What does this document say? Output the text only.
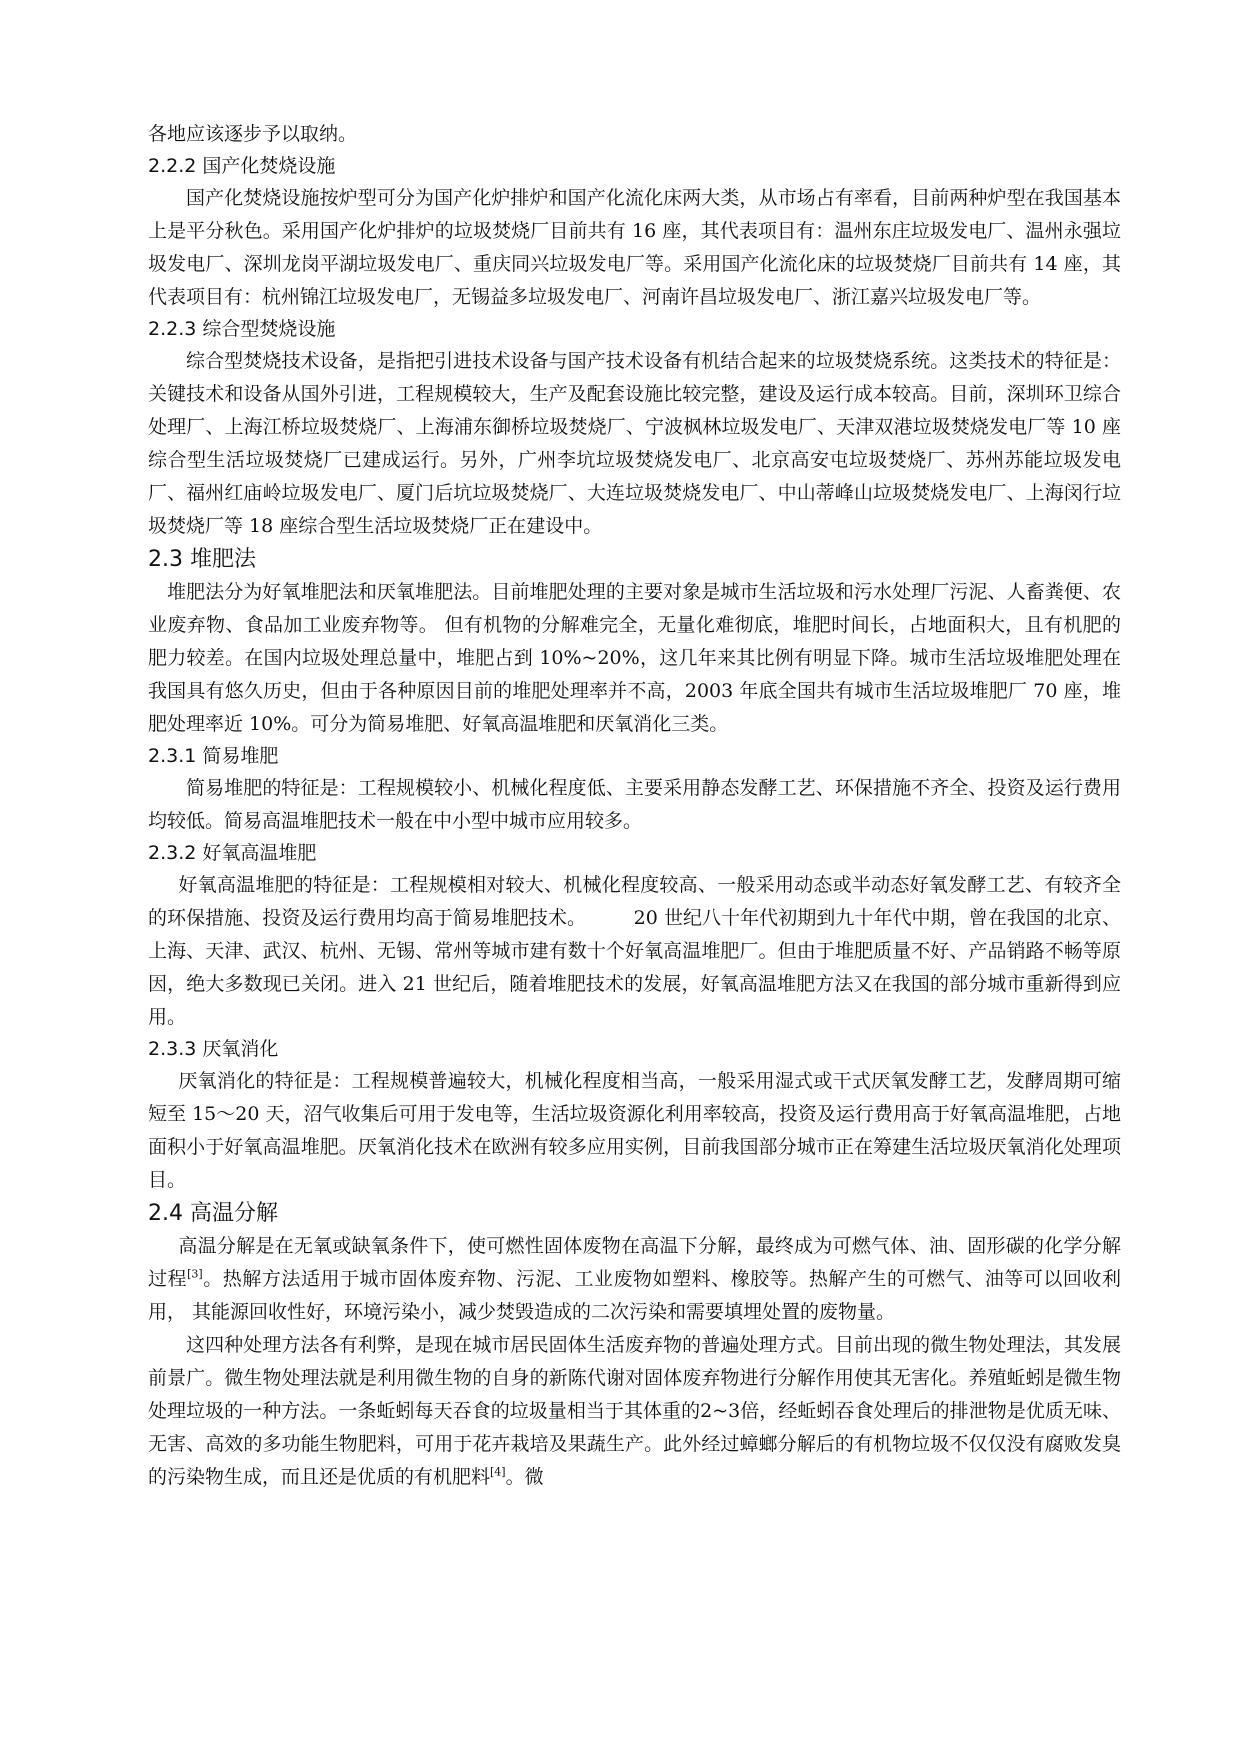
各地应该逐步予以取纳。

2.2.2 国产化焚烧设施

国产化焚烧设施按炉型可分为国产化炉排炉和国产化流化床两大类，从市场占有率看，目前两种炉型在我国基本上是平分秋色。采用国产化炉排炉的垃圾焚烧厂目前共有 16 座，其代表项目有：温州东庄垃圾发电厂、温州永强垃圾发电厂、深圳龙岗平湖垃圾发电厂、重庆同兴垃圾发电厂等。采用国产化流化床的垃圾焚烧厂目前共有 14 座，其代表项目有：杭州锦江垃圾发电厂，无锡益多垃圾发电厂、河南许昌垃圾发电厂、浙江嘉兴垃圾发电厂等。

2.2.3 综合型焚烧设施

综合型焚烧技术设备，是指把引进技术设备与国产技术设备有机结合起来的垃圾焚烧系统。这类技术的特征是：关键技术和设备从国外引进，工程规模较大，生产及配套设施比较完整，建设及运行成本较高。目前，深圳环卫综合处理厂、上海江桥垃圾焚烧厂、上海浦东御桥垃圾焚烧厂、宁波枫林垃圾发电厂、天津双港垃圾焚烧发电厂等 10 座综合型生活垃圾焚烧厂已建成运行。另外，广州李坑垃圾焚烧发电厂、北京高安屯垃圾焚烧厂、苏州苏能垃圾发电厂、福州红庙岭垃圾发电厂、厦门后坑垃圾焚烧厂、大连垃圾焚烧发电厂、中山蒂峰山垃圾焚烧发电厂、上海闵行垃圾焚烧厂等 18 座综合型生活垃圾焚烧厂正在建设中。

2.3 堆肥法

堆肥法分为好氧堆肥法和厌氧堆肥法。目前堆肥处理的主要对象是城市生活垃圾和污水处理厂污泥、人畜粪便、农业废弃物、食品加工业废弃物等。 但有机物的分解难完全，无量化难彻底，堆肥时间长，占地面积大，且有机肥的肥力较差。在国内垃圾处理总量中，堆肥占到 10%~20%，这几年来其比例有明显下降。城市生活垃圾堆肥处理在我国具有悠久历史，但由于各种原因目前的堆肥处理率并不高，2003 年底全国共有城市生活垃圾堆肥厂 70 座，堆肥处理率近 10%。可分为简易堆肥、好氧高温堆肥和厌氧消化三类。

2.3.1 简易堆肥

简易堆肥的特征是：工程规模较小、机械化程度低、主要采用静态发酵工艺、环保措施不齐全、投资及运行费用均较低。简易高温堆肥技术一般在中小型中城市应用较多。

2.3.2 好氧高温堆肥

好氧高温堆肥的特征是：工程规模相对较大、机械化程度较高、一般采用动态或半动态好氧发酵工艺、有较齐全的环保措施、投资及运行费用均高于简易堆肥技术。　　　20 世纪八十年代初期到九十年代中期，曾在我国的北京、上海、天津、武汉、杭州、无锡、常州等城市建有数十个好氧高温堆肥厂。但由于堆肥质量不好、产品销路不畅等原因，绝大多数现已关闭。进入 21 世纪后，随着堆肥技术的发展，好氧高温堆肥方法又在我国的部分城市重新得到应用。

2.3.3 厌氧消化

厌氧消化的特征是：工程规模普遍较大，机械化程度相当高，一般采用湿式或干式厌氧发酵工艺，发酵周期可缩短至 15～20 天，沼气收集后可用于发电等，生活垃圾资源化利用率较高，投资及运行费用高于好氧高温堆肥，占地面积小于好氧高温堆肥。厌氧消化技术在欧洲有较多应用实例，目前我国部分城市正在筹建生活垃圾厌氧消化处理项目。

2.4 高温分解

高温分解是在无氧或缺氧条件下，使可燃性固体废物在高温下分解，最终成为可燃气体、油、固形碳的化学分解过程[3]。热解方法适用于城市固体废弃物、污泥、工业废物如塑料、橡胶等。热解产生的可燃气、油等可以回收利用， 其能源回收性好，环境污染小，减少焚毁造成的二次污染和需要填埋处置的废物量。

这四种处理方法各有利弊，是现在城市居民固体生活废弃物的普遍处理方式。目前出现的微生物处理法，其发展前景广。微生物处理法就是利用微生物的自身的新陈代谢对固体废弃物进行分解作用使其无害化。养殖蚯蚓是微生物处理垃圾的一种方法。一条蚯蚓每天吞食的垃圾量相当于其体重的2~3倍，经蚯蚓吞食处理后的排泄物是优质无味、无害、高效的多功能生物肥料，可用于花卉栽培及果蔬生产。此外经过蟑螂分解后的有机物垃圾不仅仅没有腐败发臭的污染物生成，而且还是优质的有机肥料[4]。微
